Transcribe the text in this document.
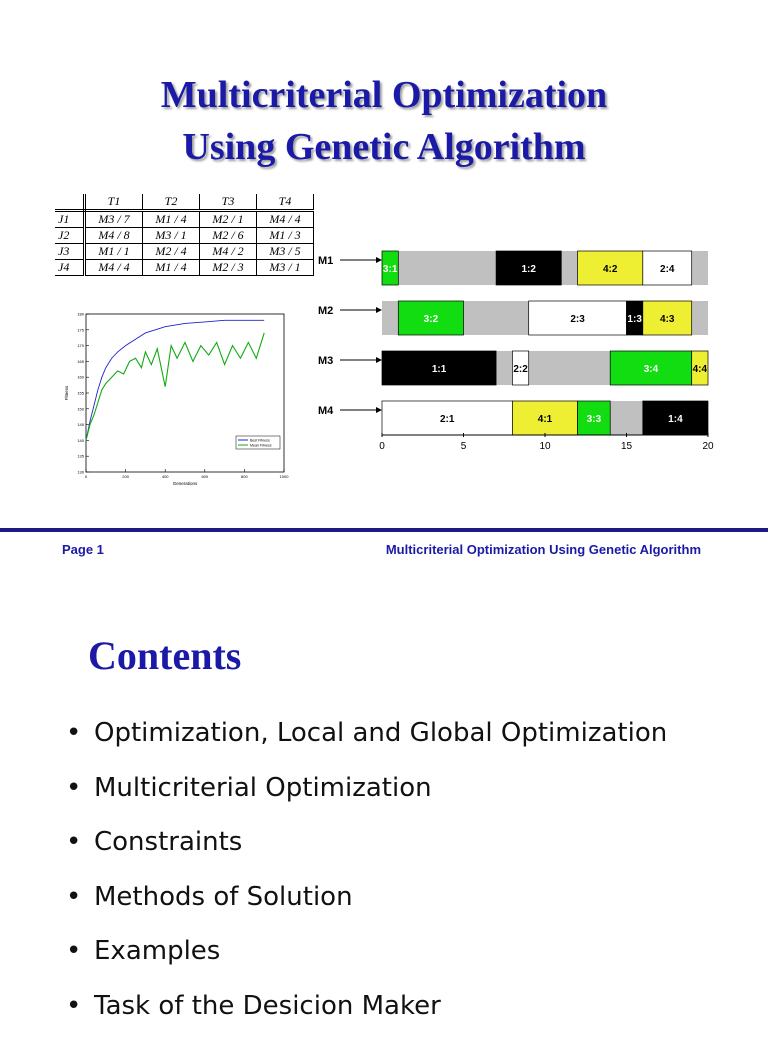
Multicriterial Optimization
Using Genetic Algorithm
	T1	T2	T3	T4
J1	M3 / 7	M1 / 4	M2 / 1	M4 / 4
J2	M4 / 8	M3 / 1	M2 / 6	M1 / 3
J3	M1 / 1	M2 / 4	M4 / 2	M3 / 5
J4	M4 / 4	M1 / 4	M2 / 3	M3 / 1
130
135
140
145
150
155
160
165
170
175
180
0	200	400	600	800	1000
Generations
Fitness
Best Fitness
Mean Fitness
M1
M2
M3
M4
3:1	1:2	4:2	2:4
3:2	2:3	1:3 4:3
1:1	2:2	3:4	4:4
2:1	4:1	3:3	1:4
0	5	10	15	20
Page 1	Multicriterial Optimization Using Genetic Algorithm
Contents
• Optimization, Local and Global Optimization
• Multicriterial Optimization
• Constraints
• Methods of Solution
• Examples
• Task of the Desicion Maker
